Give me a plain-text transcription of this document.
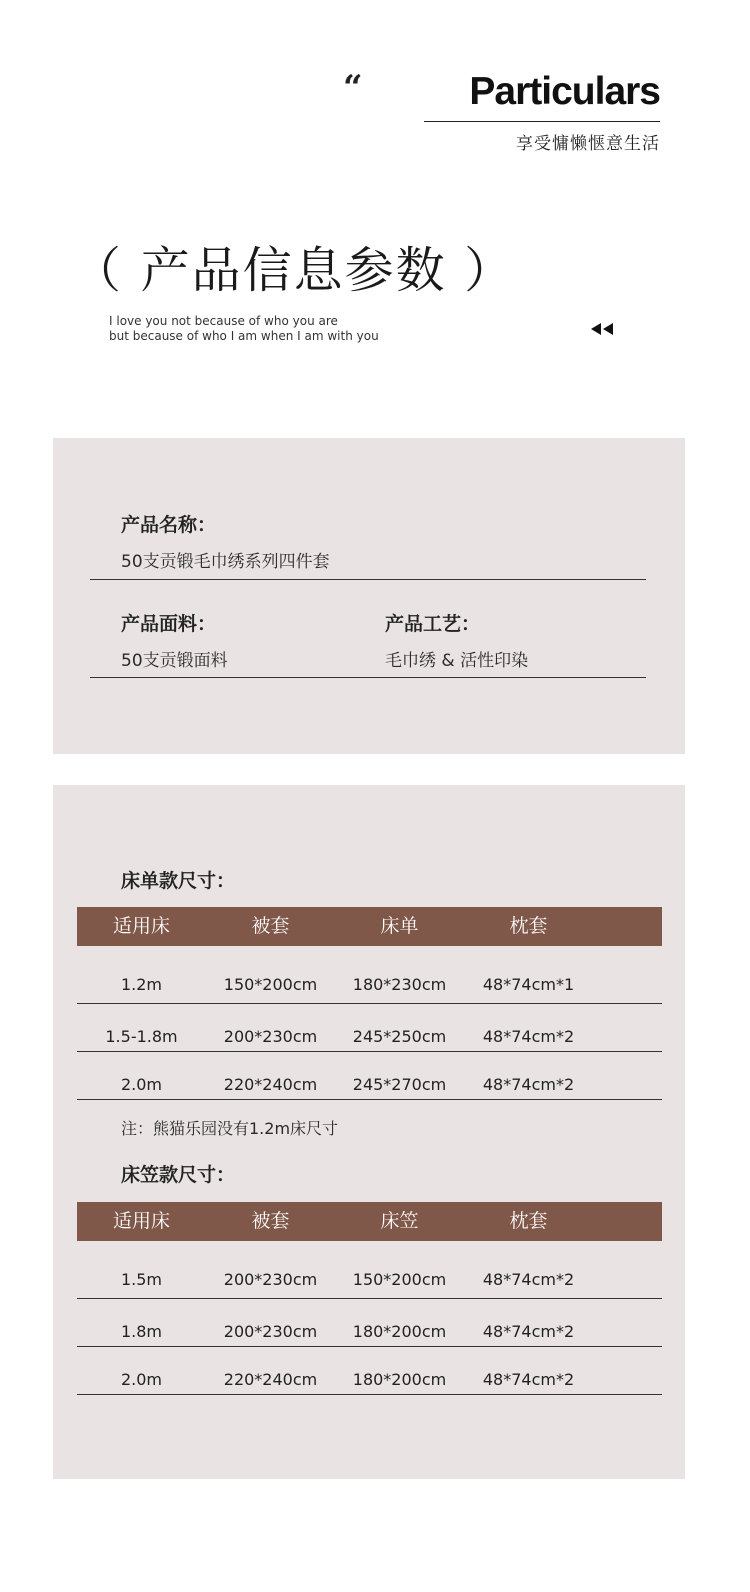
“	Particulars
享受慵懒惬意生活
（ 产品信息参数 ）
I love you not because of who you are
but because of who I am when I am with you
产品名称：
50支贡锻毛巾绣系列四件套
产品面料：
50支贡锻面料
产品工艺：
毛巾绣 & 活性印染
床单款尺寸：
适用床	被套	床单	枕套
1.2m	150*200cm	180*230cm	48*74cm*1
1.5-1.8m	200*230cm	245*250cm	48*74cm*2
2.0m	220*240cm	245*270cm	48*74cm*2
注：熊猫乐园没有1.2m床尺寸
床笠款尺寸：
适用床	被套	床笠	枕套
1.5m	200*230cm	150*200cm	48*74cm*2
1.8m	200*230cm	180*200cm	48*74cm*2
2.0m	220*240cm	180*200cm	48*74cm*2
